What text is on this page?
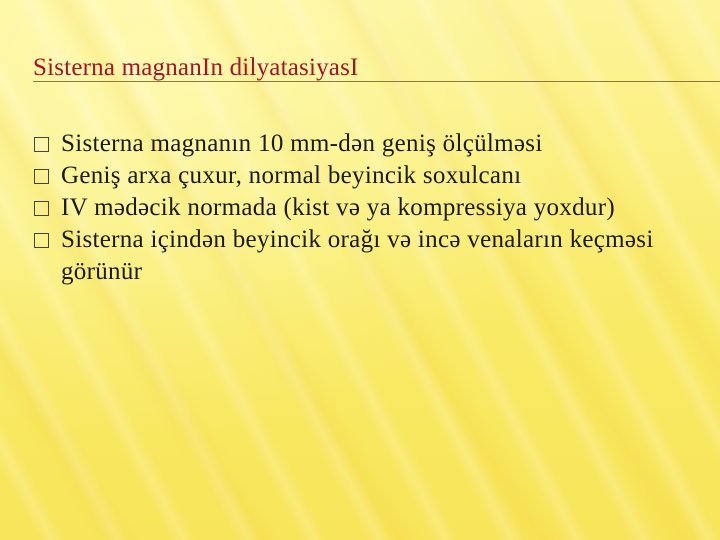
Sisterna magnanIn dilyatasiyasI
Sisterna magnanın 10 mm-dən geniş ölçülməsi
Geniş arxa çuxur, normal beyincik soxulcanı
IV mədəcik normada (kist və ya kompressiya yoxdur)
Sisterna içindən beyincik orağı və incə venaların keçməsi görünür
